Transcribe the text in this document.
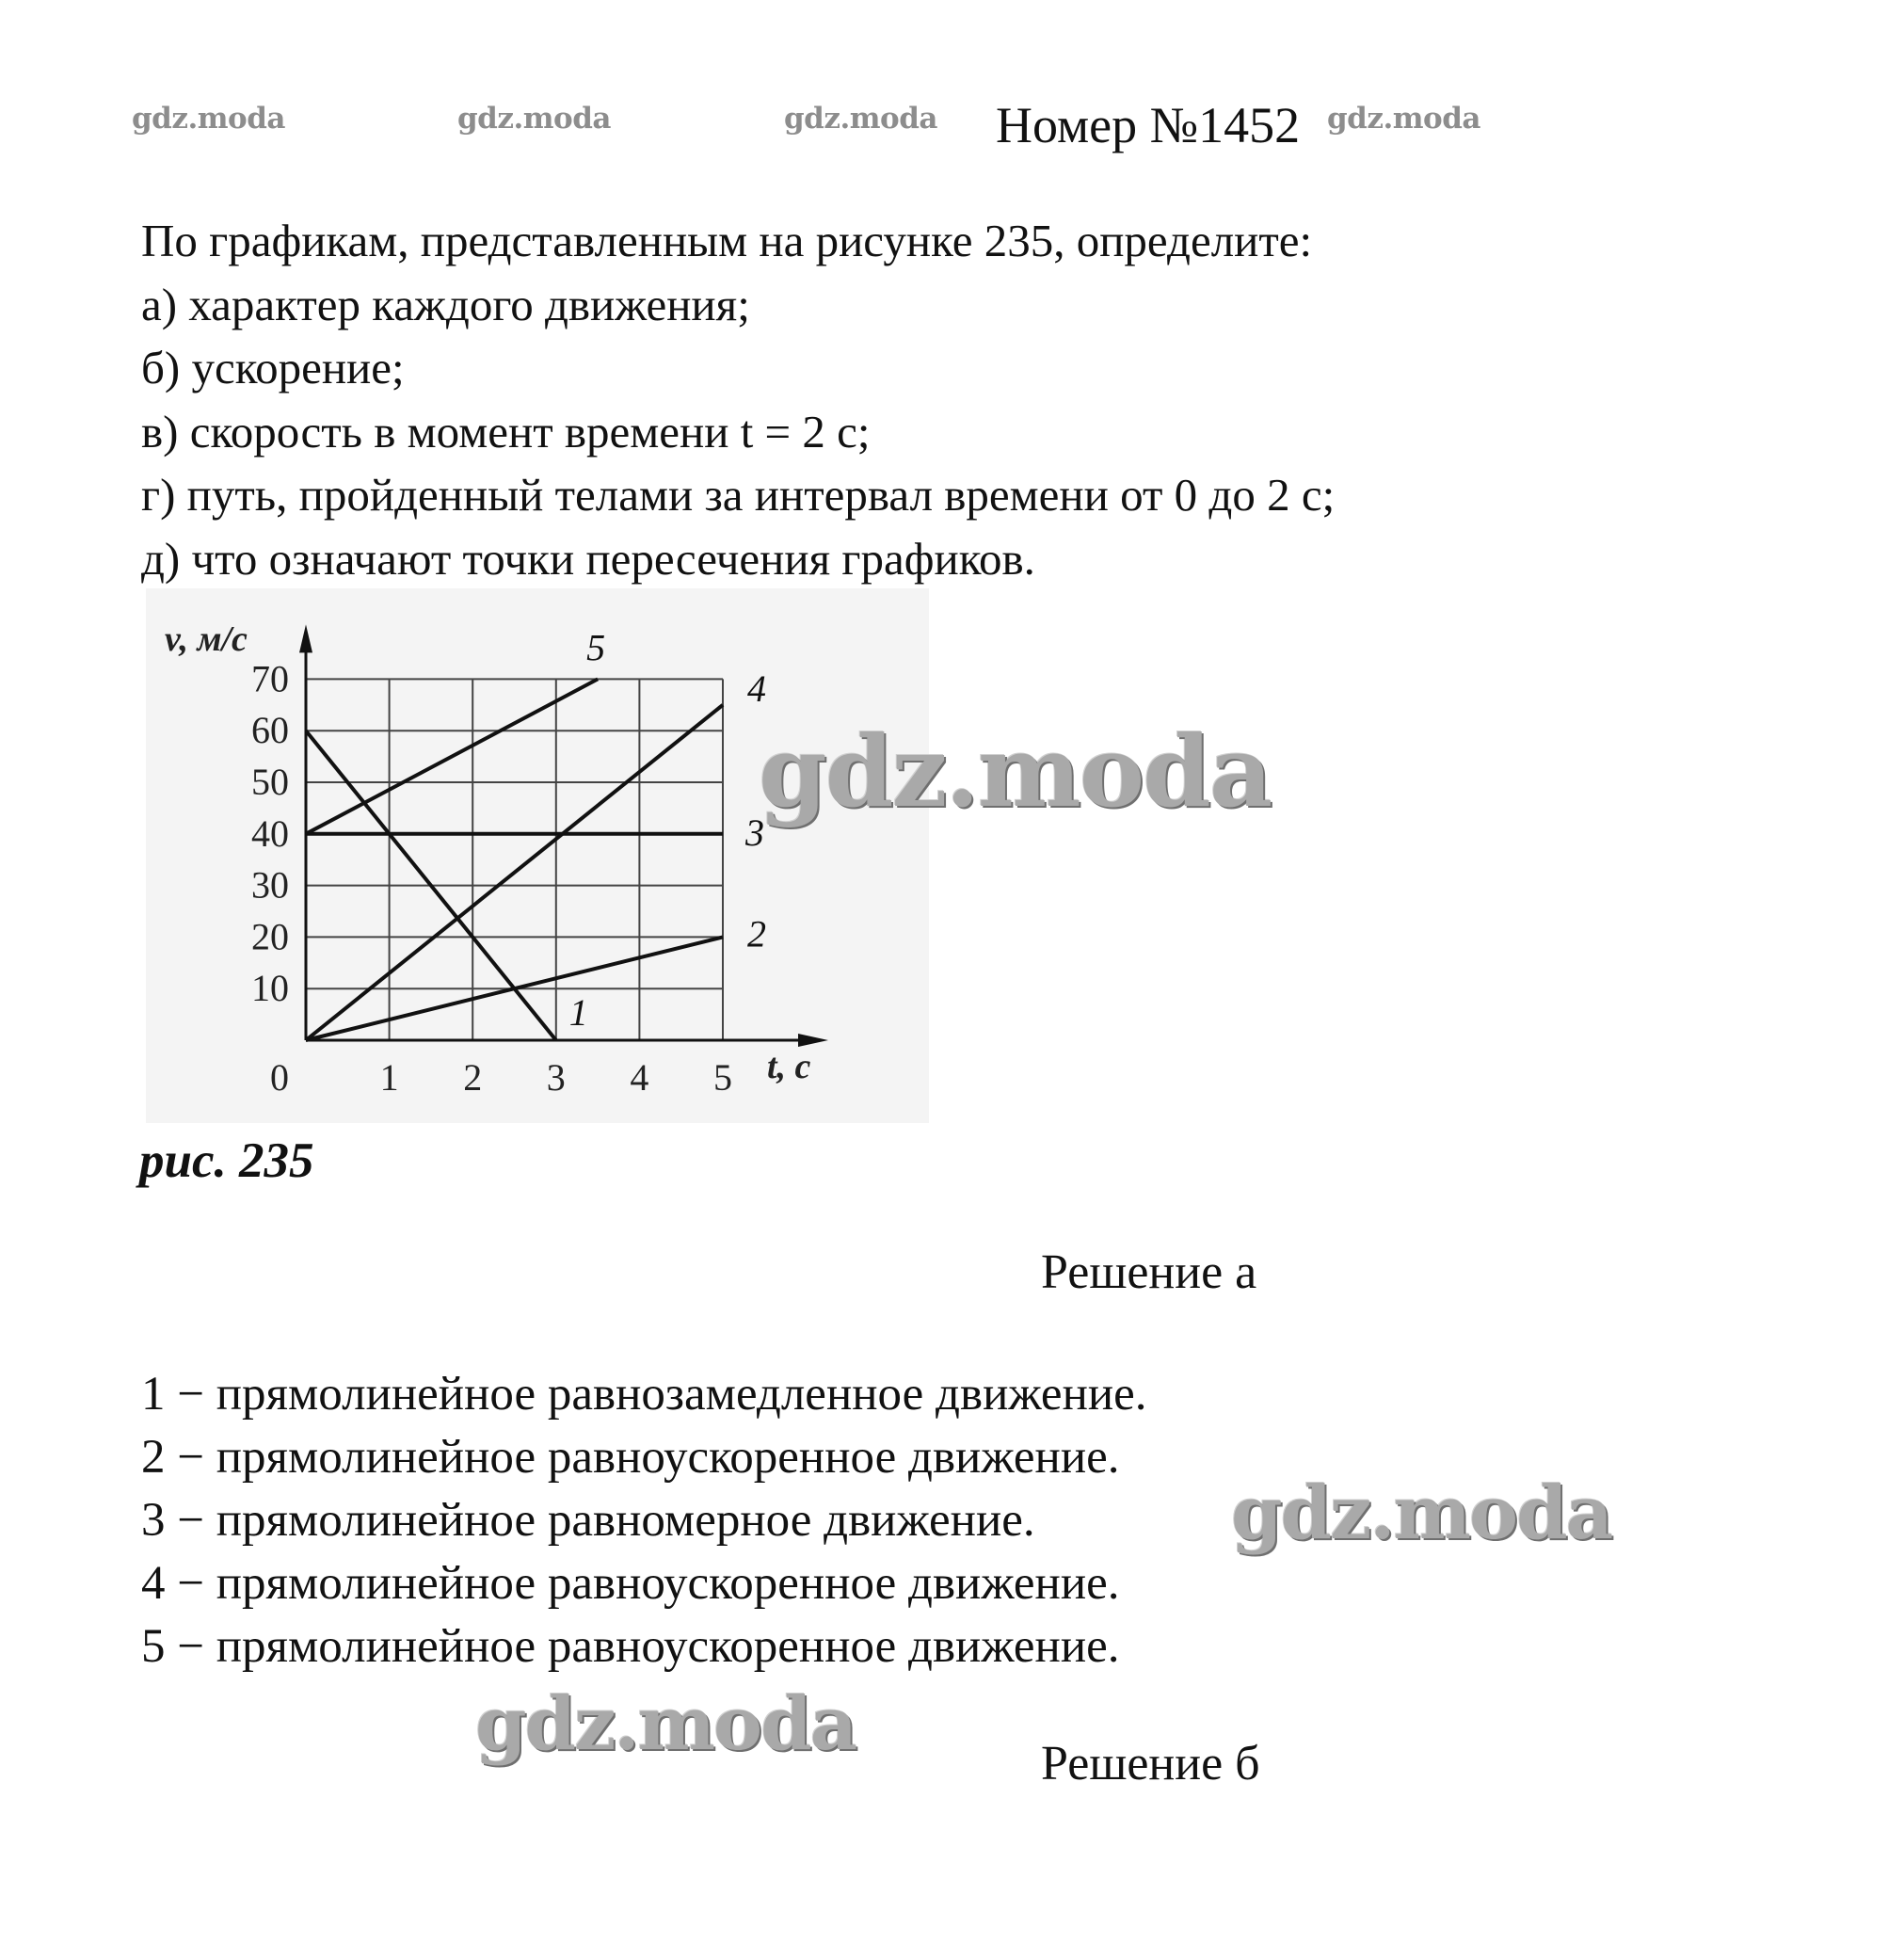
gdz.moda	gdz.moda	gdz.moda Номер №1452 gdz.moda
По графикам, представленным на рисунке 235, определите:
а) характер каждого движения;
б) ускорение;
в) скорость в момент времени t = 2 с;
г) путь, пройденный телами за интервал времени от 0 до 2 с;
д) что означают точки пересечения графиков.
10
20
30
40
50
60
70
0 1 2 3 4 5
1
2
3
4
5
v, м/с
t, c
рис. 235
gdz.moda
Решение а
1 − прямолинейное равнозамедленное движение.
2 − прямолинейное равноускоренное движение.
3 − прямолинейное равномерное движение.
4 − прямолинейное равноускоренное движение.
5 − прямолинейное равноускоренное движение.
gdz.moda
gdz.moda	Решение б
